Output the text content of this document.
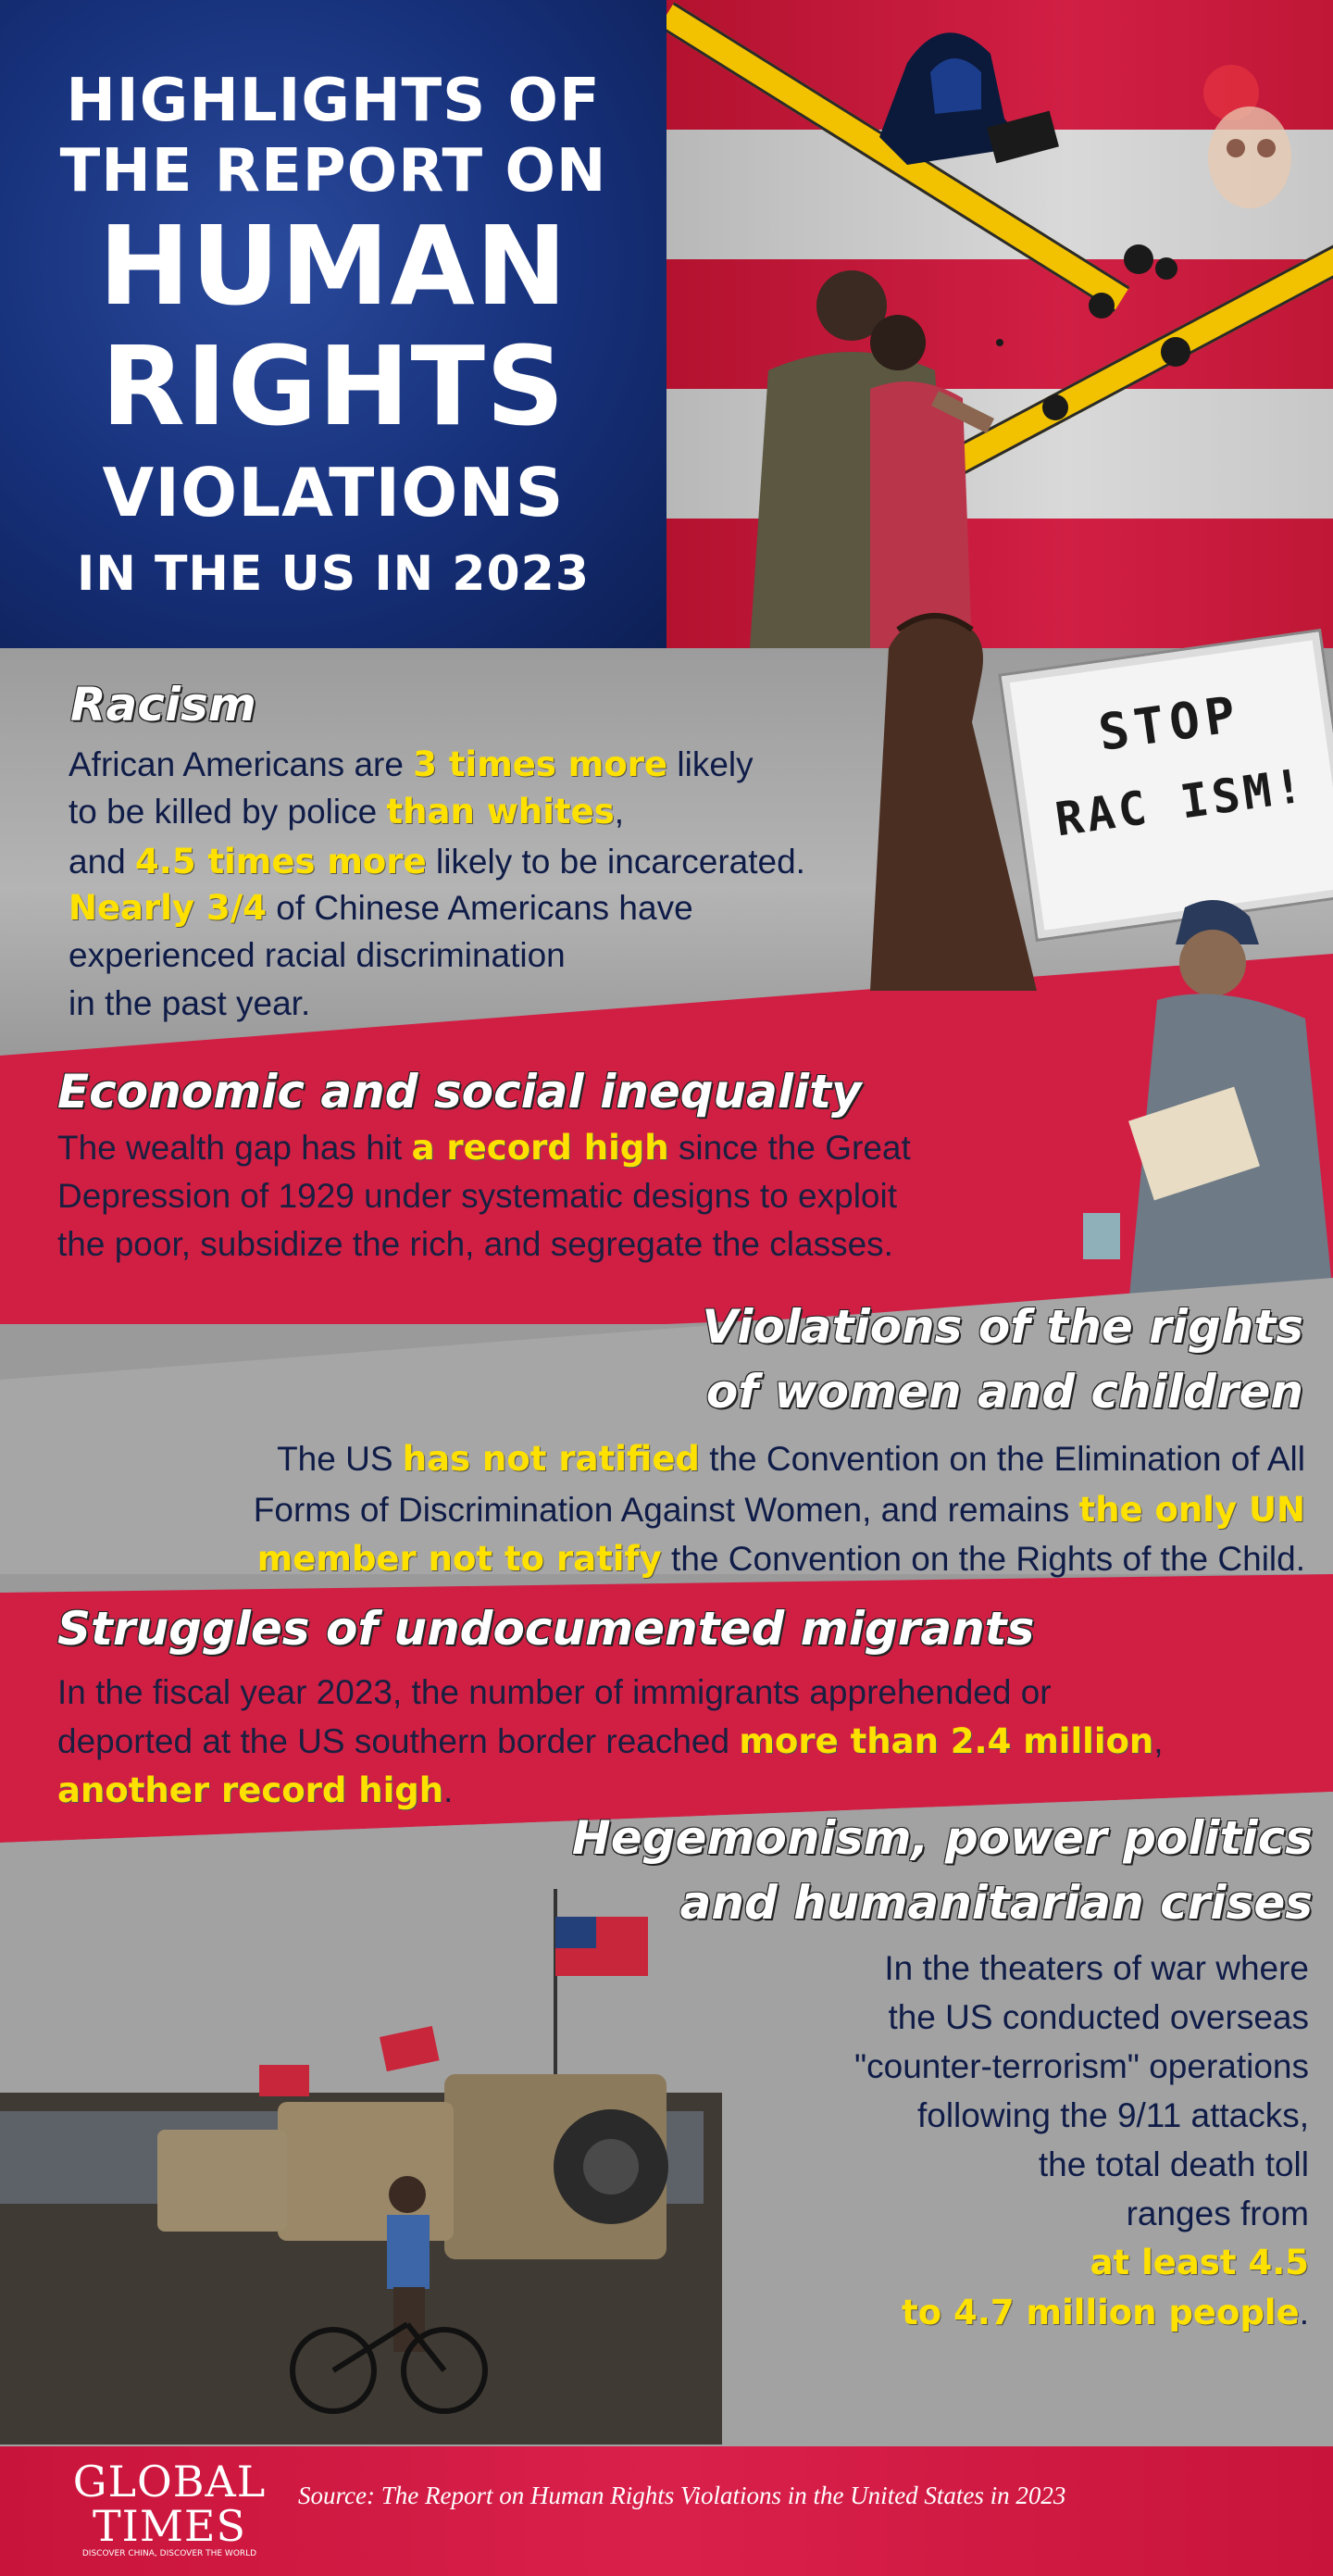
HIGHLIGHTS OF
THE REPORT ON
HUMAN
RIGHTS
VIOLATIONS
IN THE US IN 2023
Racism
African Americans are 3 times more likely
to be killed by police than whites,
and 4.5 times more likely to be incarcerated.
Nearly 3/4 of Chinese Americans have
experienced racial discrimination
in the past year.
STOP
RAC ISM!
Economic and social inequality
The wealth gap has hit a record high since the Great
Depression of 1929 under systematic designs to exploit
the poor, subsidize the rich, and segregate the classes.
Violations of the rights
of women and children
The US has not ratified the Convention on the Elimination of All
Forms of Discrimination Against Women, and remains the only UN
member not to ratify the Convention on the Rights of the Child.
Struggles of undocumented migrants
In the fiscal year 2023, the number of immigrants apprehended or
deported at the US southern border reached more than 2.4 million,
another record high.
Hegemonism, power politics
and humanitarian crises
In the theaters of war where
the US conducted overseas
"counter-terrorism" operations
following the 9/11 attacks,
the total death toll
ranges from
at least 4.5
to 4.7 million people.
GLOBAL
TIMES
DISCOVER CHINA, DISCOVER THE WORLD
Source: The Report on Human Rights Violations in the United States in 2023
